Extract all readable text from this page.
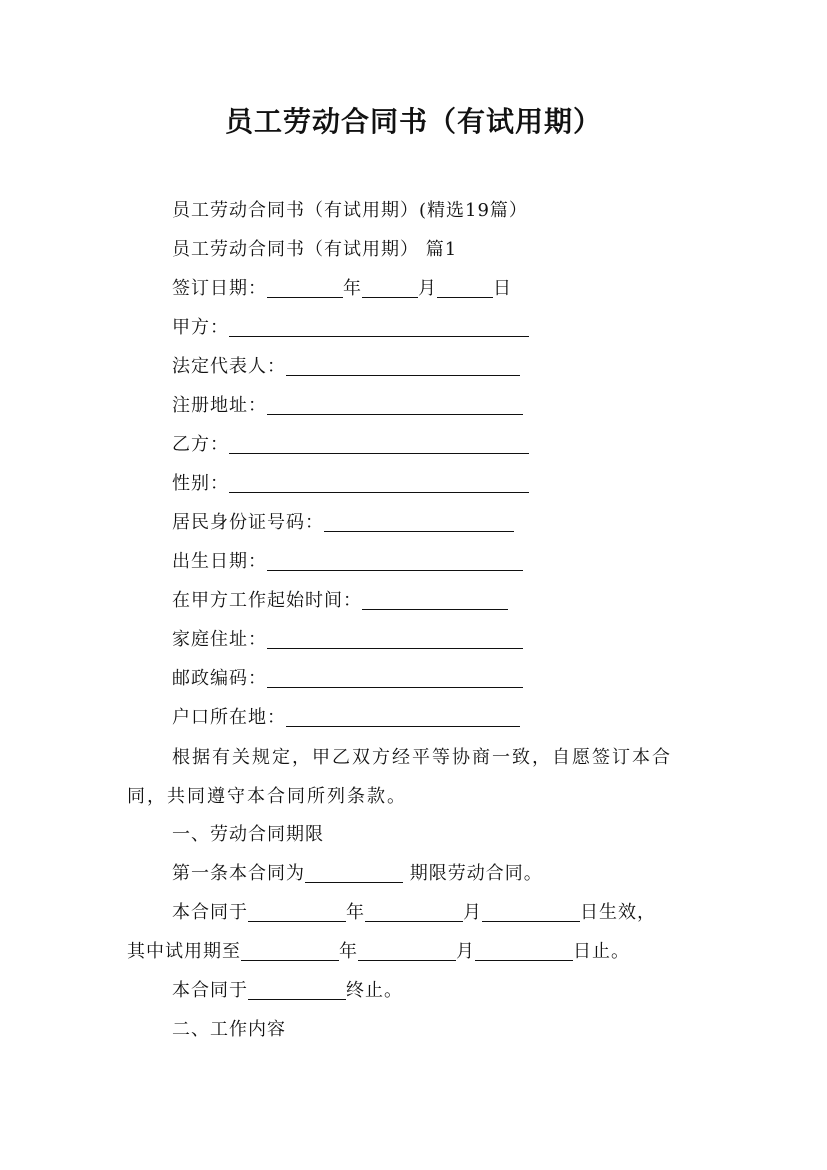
员工劳动合同书（有试用期）
员工劳动合同书（有试用期）(精选19篇）
员工劳动合同书（有试用期） 篇1
签订日期：	年	月	日
甲方：
法定代表人：
注册地址：
乙方：
性别：
居民身份证号码：
出生日期：
在甲方工作起始时间：
家庭住址：
邮政编码：
户口所在地：
根据有关规定，甲乙双方经平等协商一致，自愿签订本合同，共同遵守本合同所列条款。
一、劳动合同期限
第一条本合同为	期限劳动合同。
本合同于	年	月	日生效，
其中试用期至	年	月	日止。
本合同于	终止。
二、工作内容
